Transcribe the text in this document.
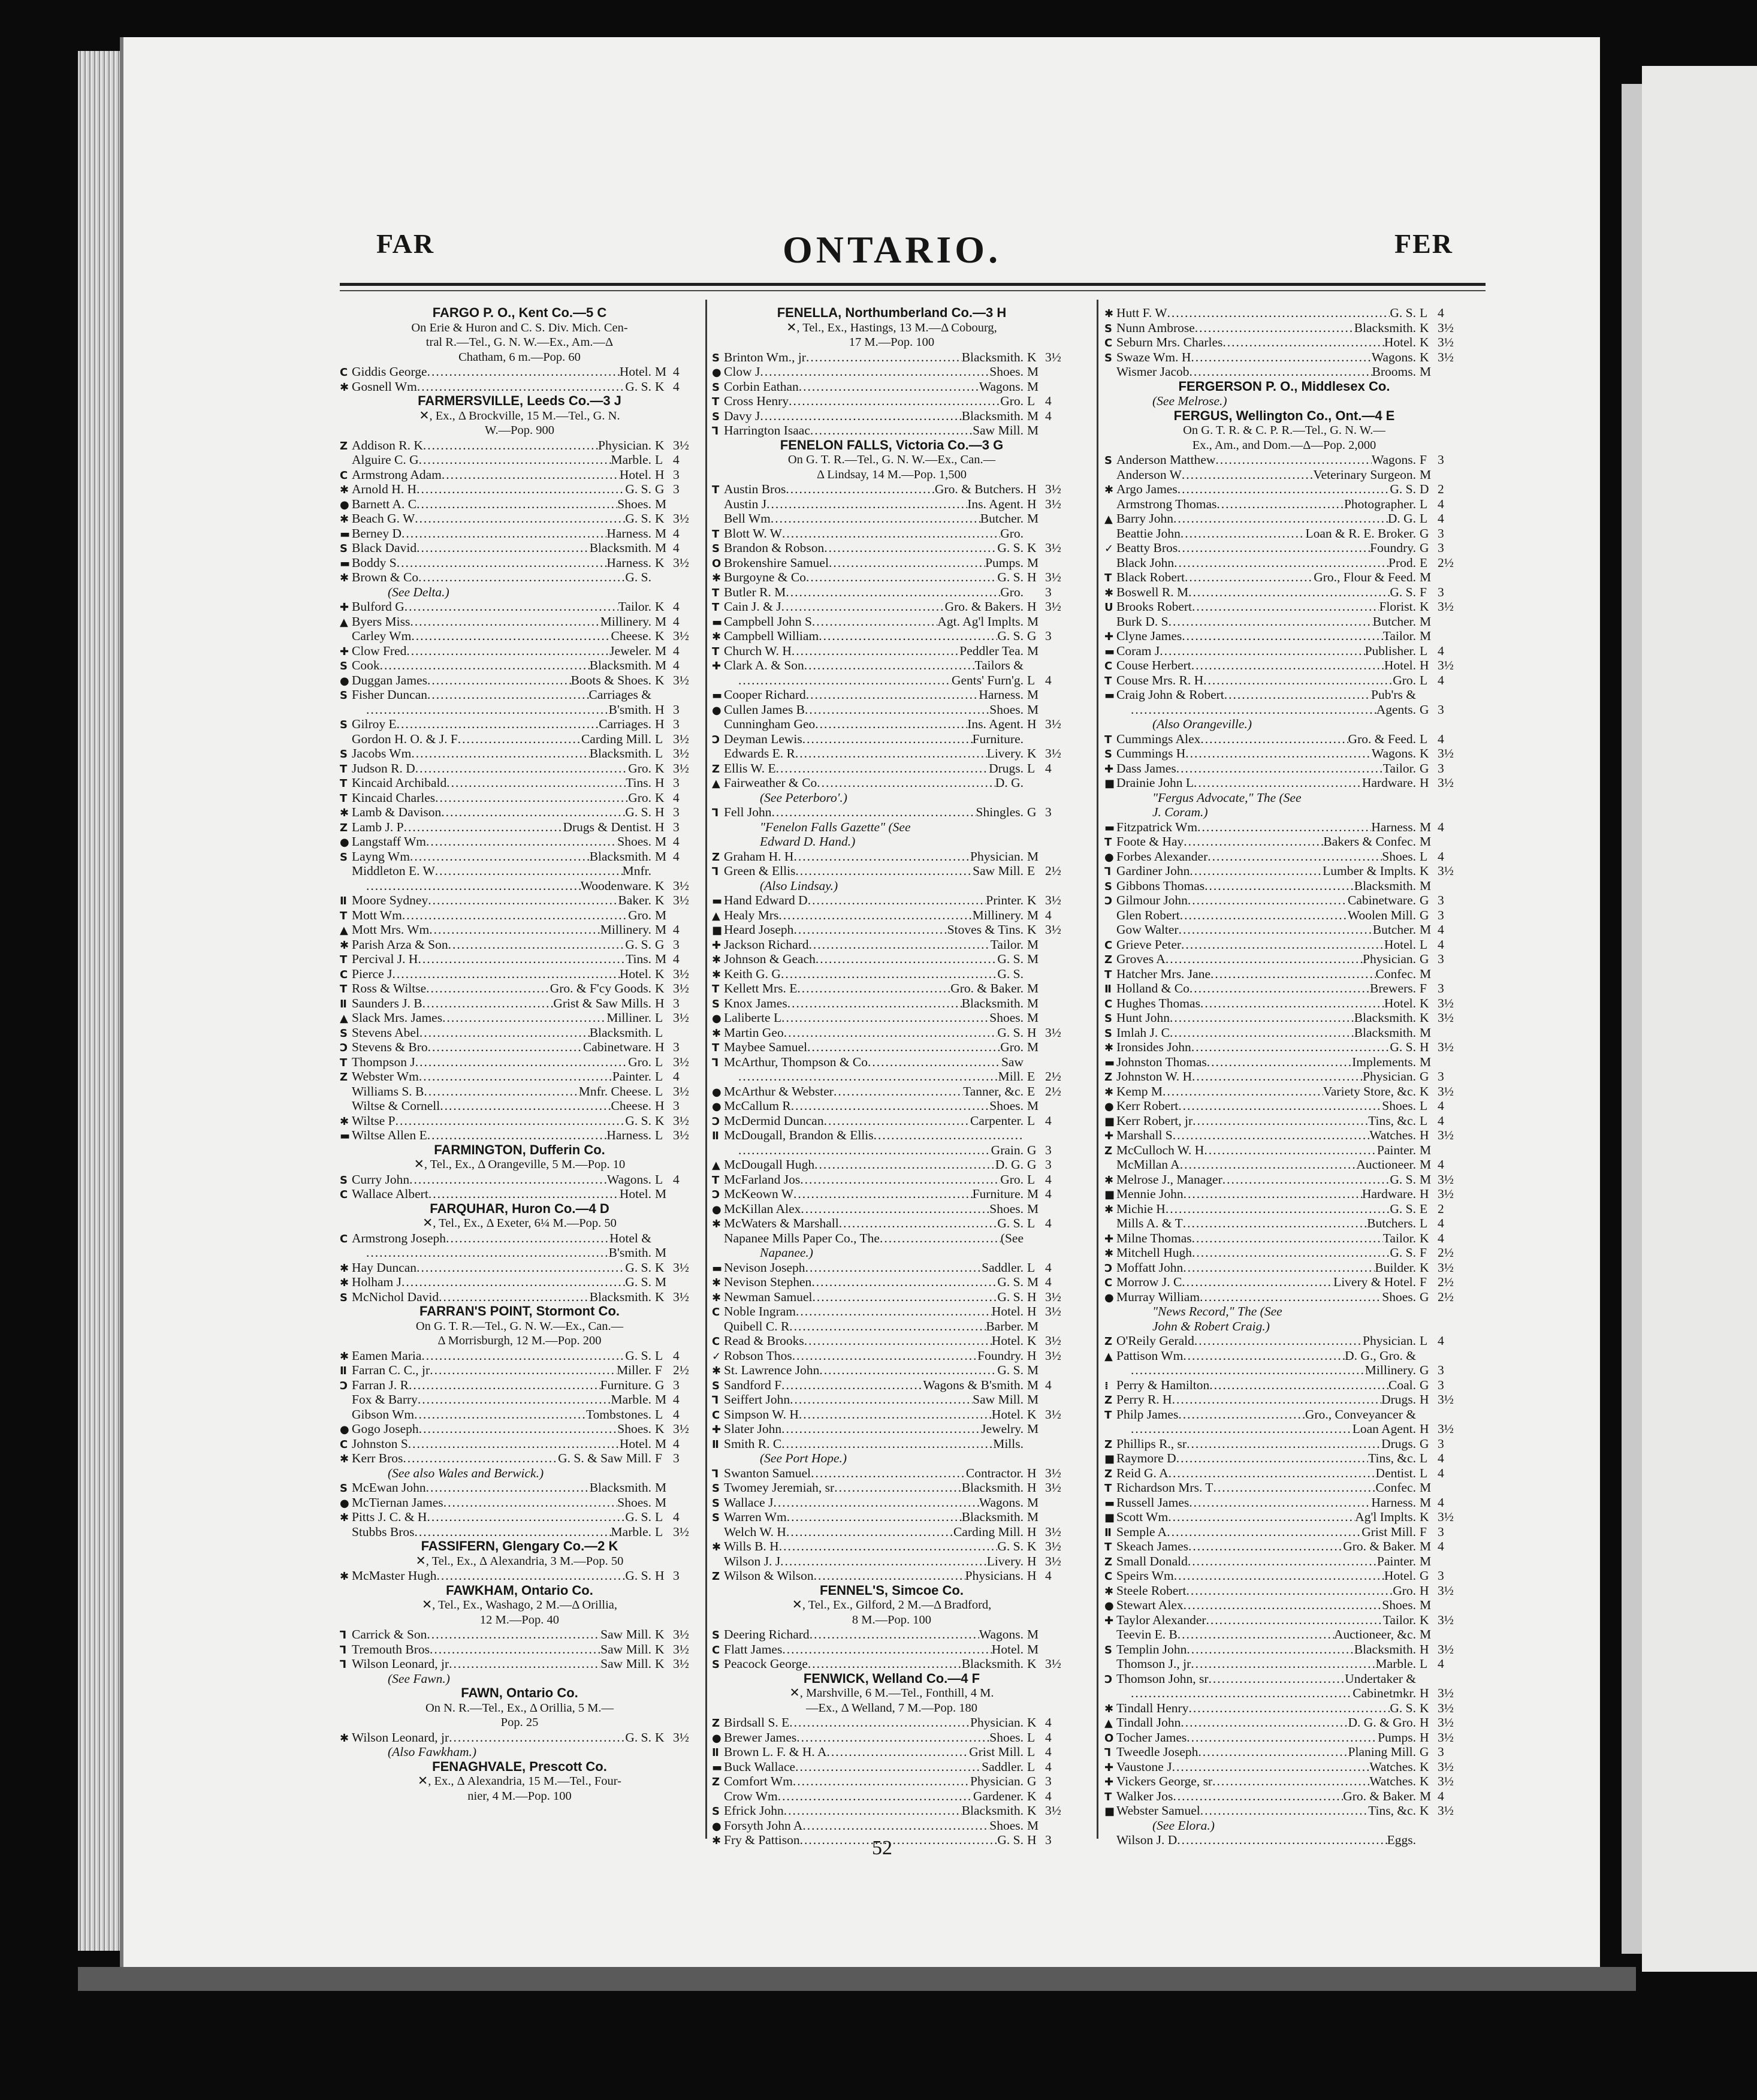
FAR	ONTARIO.	FER
FARGO P. O., Kent Co.—5 C
On Erie & Huron and C. S. Div. Mich. Cen-
tral R.—Tel., G. N. W.—Ex., Am.—Δ
Chatham, 6 m.—Pop. 60
C Giddis George .....	Hotel. M 4
✱ Gosnell Wm .....	G. S. K 4
FARMERSVILLE, Leeds Co.—3 J
✕, Ex., Δ Brockville, 15 M.—Tel., G. N.
W.—Pop. 900
Z Addison R. K .....	Physician. K 3½
Alguire C. G .....	Marble. L 4
C Armstrong Adam .....	Hotel. H 3
✱ Arnold H. H .....	G. S. G 3
● Barnett A. C .....	Shoes. M
✱ Beach G. W .....	G. S. K 3½
▬ Berney D .....	Harness. M 4
S Black David .....	Blacksmith. M 4
▬ Boddy S .....	Harness. K 3½
✱ Brown & Co .....	G. S.
(See Delta.)
✚ Bulford G .....	Tailor. K 4
▲ Byers Miss .....	Millinery. M 4
Carley Wm .....	Cheese. K 3½
✚ Clow Fred .....	Jeweler. M 4
S Cook .....	Blacksmith. M 4
● Duggan James .....	Boots & Shoes. K 3½
S Fisher Duncan .....	Carriages &
.....
B'smith. H 3
S Gilroy E .....	Carriages. H 3
Gordon H. O. & J. F .....	Carding Mill. L 3½
S Jacobs Wm .....	Blacksmith. L 3½
T Judson R. D .....	Gro. K 3½
T Kincaid Archibald .....	Tins. H 3
T Kincaid Charles .....	Gro. K 4
✱ Lamb & Davison .....	G. S. H 3
Z Lamb J. P .....	Drugs & Dentist. H 3
● Langstaff Wm .....	Shoes. M 4
S Layng Wm .....	Blacksmith. M 4
Middleton E. W .....	Mnfr.
.....
Woodenware. K 3½
Ⅱ Moore Sydney .....	Baker. K 3½
T Mott Wm .....	Gro. M
▲ Mott Mrs. Wm .....	Millinery. M 4
✱ Parish Arza & Son .....	G. S. G 3
T Percival J. H .....	Tins. M 4
C Pierce J .....	Hotel. K 3½
T Ross & Wiltse .....	Gro. & F'cy Goods. K 3½
Ⅱ Saunders J. B .....	Grist & Saw Mills. H 3
▲ Slack Mrs. James .....	Milliner. L 3½
S Stevens Abel .....	Blacksmith. L
Ɔ Stevens & Bro .....	Cabinetware. H 3
T Thompson J .....	Gro. L 3½
Z Webster Wm .....	Painter. L 4
Williams S. B .....	Mnfr. Cheese. L 3½
Wiltse & Cornell .....	Cheese. H 3
✱ Wiltse P .....	G. S. K 3½
▬ Wiltse Allen E .....	Harness. L 3½
FARMINGTON, Dufferin Co.
✕, Tel., Ex., Δ Orangeville, 5 M.—Pop. 10
S Curry John .....	Wagons. L 4
C Wallace Albert .....	Hotel. M
FARQUHAR, Huron Co.—4 D
✕, Tel., Ex., Δ Exeter, 6¼ M.—Pop. 50
C Armstrong Joseph .....	Hotel &
.....
B'smith. M
✱ Hay Duncan .....	G. S. K 3½
✱ Holham J .....	G. S. M
S McNichol David .....	Blacksmith. K 3½
FARRAN'S POINT, Stormont Co.
On G. T. R.—Tel., G. N. W.—Ex., Can.—
Δ Morrisburgh, 12 M.—Pop. 200
✱ Eamen Maria .....	G. S. L 4
Ⅱ Farran C. C., jr .....	Miller. F 2½
Ɔ Farran J. R .....	Furniture. G 3
Fox & Barry .....	Marble. M 4
Gibson Wm .....	Tombstones. L 4
● Gogo Joseph .....	Shoes. K 3½
C Johnston S .....	Hotel. M 4
✱ Kerr Bros .....	G. S. & Saw Mill. F 3
(See also Wales and Berwick.)
S McEwan John .....	Blacksmith. M
● McTiernan James .....	Shoes. M
✱ Pitts J. C. & H .....	G. S. L 4
Stubbs Bros .....	Marble. L 3½
FASSIFERN, Glengary Co.—2 K
✕, Tel., Ex., Δ Alexandria, 3 M.—Pop. 50
✱ McMaster Hugh .....	G. S. H 3
FAWKHAM, Ontario Co.
✕, Tel., Ex., Washago, 2 M.—Δ Orillia,
12 M.—Pop. 40
⅂ Carrick & Son .....	Saw Mill. K 3½
⅂ Tremouth Bros .....	Saw Mill. K 3½
⅂ Wilson Leonard, jr .....	Saw Mill. K 3½
(See Fawn.)
FAWN, Ontario Co.
On N. R.—Tel., Ex., Δ Orillia, 5 M.—
Pop. 25
✱ Wilson Leonard, jr .....	G. S. K 3½
(Also Fawkham.)
FENAGHVALE, Prescott Co.
✕, Ex., Δ Alexandria, 15 M.—Tel., Four-
nier, 4 M.—Pop. 100
FENELLA, Northumberland Co.—3 H
✕, Tel., Ex., Hastings, 13 M.—Δ Cobourg,
17 M.—Pop. 100
S Brinton Wm., jr .....	Blacksmith. K 3½
● Clow J .....	Shoes. M
S Corbin Eathan .....	Wagons. M
T Cross Henry .....	Gro. L 4
S Davy J .....	Blacksmith. M 4
⅂ Harrington Isaac .....	Saw Mill. M
FENELON FALLS, Victoria Co.—3 G
On G. T. R.—Tel., G. N. W.—Ex., Can.—
Δ Lindsay, 14 M.—Pop. 1,500
T Austin Bros .....	Gro. & Butchers. H 3½
Austin J .....	Ins. Agent. H 3½
Bell Wm .....	Butcher. M
T Blott W. W .....	Gro.
S Brandon & Robson .....	G. S. K 3½
O Brokenshire Samuel .....	Pumps. M
✱ Burgoyne & Co .....	G. S. H 3½
T Butler R. M .....	Gro. 3
T Cain J. & J .....	Gro. & Bakers. H 3½
▬ Campbell John S .....	Agt. Ag'l Implts. M
✱ Campbell William .....	G. S. G 3
T Church W. H .....	Peddler Tea. M
✚ Clark A. & Son .....	Tailors &
.....
Gents' Furn'g. L 4
▬ Cooper Richard .....	Harness. M
● Cullen James B .....	Shoes. M
Cunningham Geo .....	Ins. Agent. H 3½
Ɔ Deyman Lewis .....	Furniture.
Edwards E. R .....	Livery. K 3½
Z Ellis W. E .....	Drugs. L 4
▲ Fairweather & Co .....	D. G.
(See Peterboro'.)
⅂ Fell John .....	Shingles. G 3
"Fenelon Falls Gazette" (See
Edward D. Hand.)
Z Graham H. H .....	Physician. M
⅂ Green & Ellis .....	Saw Mill. E 2½
(Also Lindsay.)
▬ Hand Edward D .....	Printer. K 3½
▲ Healy Mrs .....	Millinery. M 4
■ Heard Joseph .....	Stoves & Tins. K 3½
✚ Jackson Richard .....	Tailor. M
✱ Johnson & Geach .....	G. S. M
✱ Keith G. G .....	G. S.
T Kellett Mrs. E .....	Gro. & Baker. M
S Knox James .....	Blacksmith. M
● Laliberte L .....	Shoes. M
✱ Martin Geo .....	G. S. H 3½
T Maybee Samuel .....	Gro. M
⅂ McArthur, Thompson & Co .....	Saw
.....
Mill. E 2½
● McArthur & Webster .....	Tanner, &c. E 2½
● McCallum R .....	Shoes. M
Ɔ McDermid Duncan .....	Carpenter. L 4
Ⅱ McDougall, Brandon & Ellis
.....
.....
Grain. G 3
▲ McDougall Hugh .....	D. G. G 3
T McFarland Jos .....	Gro. L 4
Ɔ McKeown W .....	Furniture. M 4
● McKillan Alex .....	Shoes. M
✱ McWaters & Marshall .....	G. S. L 4
Napanee Mills Paper Co., The .....	(See
Napanee.)
▬ Nevison Joseph .....	Saddler. L 4
✱ Nevison Stephen .....	G. S. M 4
✱ Newman Samuel .....	G. S. H 3½
C Noble Ingram .....	Hotel. H 3½
Quibell C. R .....	Barber. M
C Read & Brooks .....	Hotel. K 3½
✓ Robson Thos .....	Foundry. H 3½
✱ St. Lawrence John .....	G. S. M
S Sandford F .....	Wagons & B'smith. M 4
⅂ Seiffert John .....	Saw Mill. M
C Simpson W. H .....	Hotel. K 3½
✚ Slater John .....	Jewelry. M
Ⅱ Smith R. C .....	Mills.
(See Port Hope.)
⅂ Swanton Samuel .....	Contractor. H 3½
S Twomey Jeremiah, sr .....	Blacksmith. H 3½
S Wallace J .....	Wagons. M
S Warren Wm .....	Blacksmith. M
Welch W. H .....	Carding Mill. H 3½
✱ Wills B. H .....	G. S. K 3½
Wilson J. J .....	Livery. H 3½
Z Wilson & Wilson .....	Physicians. H 4
FENNEL'S, Simcoe Co.
✕, Tel., Ex., Gilford, 2 M.—Δ Bradford,
8 M.—Pop. 100
S Deering Richard .....	Wagons. M
C Flatt James .....	Hotel. M
S Peacock George .....	Blacksmith. K 3½
FENWICK, Welland Co.—4 F
✕, Marshville, 6 M.—Tel., Fonthill, 4 M.
—Ex., Δ Welland, 7 M.—Pop. 180
Z Birdsall S. E .....	Physician. K 4
● Brewer James .....	Shoes. L 4
Ⅱ Brown L. F. & H. A .....	Grist Mill. L 4
▬ Buck Wallace .....	Saddler. L 4
Z Comfort Wm .....	Physician. G 3
Crow Wm .....	Gardener. K 4
S Efrick John .....	Blacksmith. K 3½
● Forsyth John A .....	Shoes. M
✱ Fry & Pattison .....	G. S. H 3
✱ Hutt F. W .....	G. S. L 4
S Nunn Ambrose .....	Blacksmith. K 3½
C Seburn Mrs. Charles .....	Hotel. K 3½
S Swaze Wm. H .....	Wagons. K 3½
Wismer Jacob .....	Brooms. M
FERGERSON P. O., Middlesex Co.
(See Melrose.)
FERGUS, Wellington Co., Ont.—4 E
On G. T. R. & C. P. R.—Tel., G. N. W.—
Ex., Am., and Dom.—Δ—Pop. 2,000
S Anderson Matthew .....	Wagons. F 3
Anderson W .....	Veterinary Surgeon. M
✱ Argo James .....	G. S. D 2
Armstrong Thomas .....	Photographer. L 4
▲ Barry John .....	D. G. L 4
Beattie John .....	Loan & R. E. Broker. G 3
✓ Beatty Bros .....	Foundry. G 3
Black John .....	Prod. E 2½
T Black Robert .....	Gro., Flour & Feed. M
✱ Boswell R. M .....	G. S. F 3
U Brooks Robert .....	Florist. K 3½
Burk D. S .....	Butcher. M
✚ Clyne James .....	Tailor. M
▬ Coram J .....	Publisher. L 4
C Couse Herbert .....	Hotel. H 3½
T Couse Mrs. R. H .....	Gro. L 4
▬ Craig John & Robert .....	Pub'rs &
.....
Agents. G 3
(Also Orangeville.)
T Cummings Alex .....	Gro. & Feed. L 4
S Cummings H .....	Wagons. K 3½
✚ Dass James .....	Tailor. G 3
■ Drainie John L .....	Hardware. H 3½
"Fergus Advocate," The (See
J. Coram.)
▬ Fitzpatrick Wm .....	Harness. M 4
T Foote & Hay .....	Bakers & Confec. M
● Forbes Alexander .....	Shoes. L 4
⅂ Gardiner John .....	Lumber & Implts. K 3½
S Gibbons Thomas .....	Blacksmith. M
Ɔ Gilmour John .....	Cabinetware. G 3
Glen Robert .....	Woolen Mill. G 3
Gow Walter .....	Butcher. M 4
C Grieve Peter .....	Hotel. L 4
Z Groves A .....	Physician. G 3
T Hatcher Mrs. Jane .....	Confec. M
Ⅱ Holland & Co .....	Brewers. F 3
C Hughes Thomas .....	Hotel. K 3½
S Hunt John .....	Blacksmith. K 3½
S Imlah J. C .....	Blacksmith. M
✱ Ironsides John .....	G. S. H 3½
▬ Johnston Thomas .....	Implements. M
Z Johnston W. H .....	Physician. G 3
✱ Kemp M .....	Variety Store, &c. K 3½
● Kerr Robert .....	Shoes. L 4
■ Kerr Robert, jr .....	Tins, &c. L 4
✚ Marshall S .....	Watches. H 3½
Z McCulloch W. H .....	Painter. M
McMillan A .....	Auctioneer. M 4
✱ Melrose J., Manager .....	G. S. M 3½
■ Mennie John .....	Hardware. H 3½
✱ Michie H .....	G. S. E 2
Mills A. & T .....	Butchers. L 4
✚ Milne Thomas .....	Tailor. K 4
✱ Mitchell Hugh .....	G. S. F 2½
Ɔ Moffatt John .....	Builder. K 3½
C Morrow J. C .....	Livery & Hotel. F 2½
● Murray William .....	Shoes. G 2½
"News Record," The (See
John & Robert Craig.)
Z O'Reily Gerald .....	Physician. L 4
▲ Pattison Wm .....	D. G., Gro. &
.....
Millinery. G 3
⁞ Perry & Hamilton .....	Coal. G 3
Z Perry R. H .....	Drugs. H 3½
T Philp James .....	Gro., Conveyancer &
.....
Loan Agent. H 3½
Z Phillips R., sr .....	Drugs. G 3
■ Raymore D .....	Tins, &c. L 4
Z Reid G. A .....	Dentist. L 4
T Richardson Mrs. T .....	Confec. M
▬ Russell James .....	Harness. M 4
■ Scott Wm .....	Ag'l Implts. K 3½
Ⅱ Semple A .....	Grist Mill. F 3
T Skeach James .....	Gro. & Baker. M 4
Z Small Donald .....	Painter. M
C Speirs Wm .....	Hotel. G 3
✱ Steele Robert .....	Gro. H 3½
● Stewart Alex .....	Shoes. M
✚ Taylor Alexander .....	Tailor. K 3½
Teevin E. B .....	Auctioneer, &c. M
S Templin John .....	Blacksmith. H 3½
Thomson J., jr .....	Marble. L 4
Ɔ Thomson John, sr .....	Undertaker &
.....
Cabinetmkr. H 3½
✱ Tindall Henry .....	G. S. K 3½
▲ Tindall John .....	D. G. & Gro. H 3½
O Tocher James .....	Pumps. H 3½
⅂ Tweedle Joseph .....	Planing Mill. G 3
✚ Vaustone J .....	Watches. K 3½
✚ Vickers George, sr .....	Watches. K 3½
T Walker Jos .....	Gro. & Baker. M 4
■ Webster Samuel .....	Tins, &c. K 3½
(See Elora.)
Wilson J. D .....	Eggs.
52
